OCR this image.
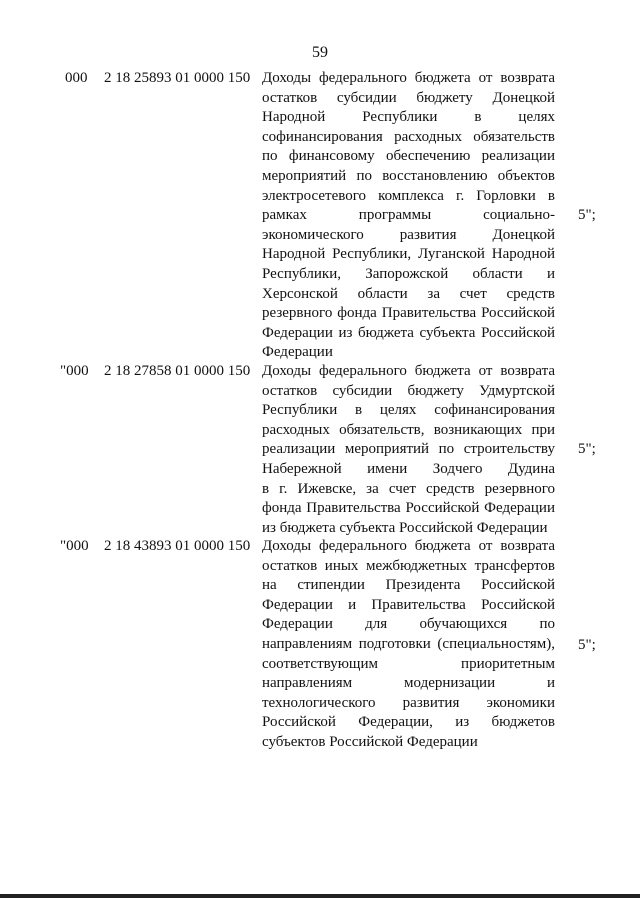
59
000 2 18 25893 01 0000 150 Доходы федерального бюджета от возврата
остатков субсидии бюджету Донецкой
Народной Республики в целях
софинансирования расходных обязательств
по финансовому обеспечению реализации
мероприятий по восстановлению объектов
электросетевого комплекса г. Горловки в
рамках программы социально-
экономического развития Донецкой
Народной Республики, Луганской Народной
Республики, Запорожской области и
Херсонской области за счет средств
резервного фонда Правительства Российской
Федерации из бюджета субъекта Российской
Федерации
5";
"000 2 18 27858 01 0000 150 Доходы федерального бюджета от возврата
остатков субсидии бюджету Удмуртской
Республики в целях софинансирования
расходных обязательств, возникающих при
реализации мероприятий по строительству
Набережной имени Зодчего Дудина
в г. Ижевске, за счет средств резервного
фонда Правительства Российской Федерации
из бюджета субъекта Российской Федерации
5";
"000 2 18 43893 01 0000 150 Доходы федерального бюджета от возврата
остатков иных межбюджетных трансфертов
на стипендии Президента Российской
Федерации и Правительства Российской
Федерации для обучающихся по
направлениям подготовки (специальностям),
соответствующим приоритетным
направлениям модернизации и
технологического развития экономики
Российской Федерации, из бюджетов
субъектов Российской Федерации
5";
